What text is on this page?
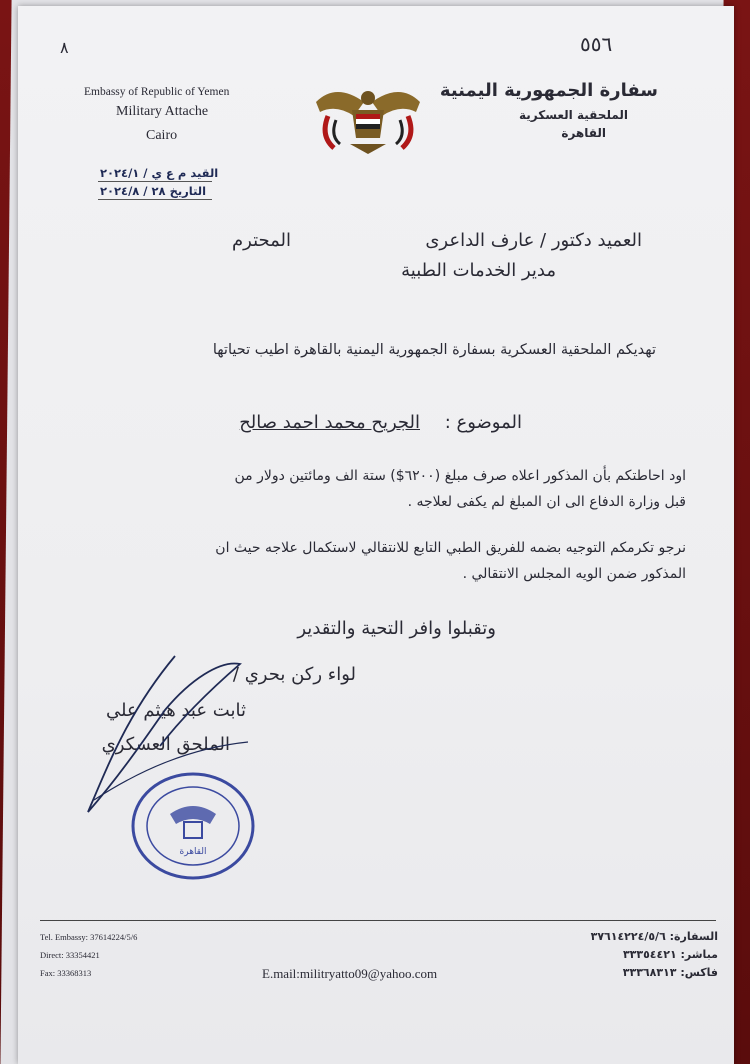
٨	٥٥٦
Embassy of Republic of Yemen
Military Attache
Cairo
سفارة الجمهورية اليمنية
الملحقية العسكرية
القاهرة
القيد م ع ي / ٢٠٢٤/١
التاريخ ٢٨ / ٢٠٢٤/٨
العميد دكتور / عارف الداعرى
المحترم
مدير الخدمات الطبية
تهديكم الملحقية العسكرية بسفارة الجمهورية اليمنية بالقاهرة اطيب تحياتها
الموضوع :
الجريح محمد احمد صالح
اود احاطتكم بأن المذكور اعلاه صرف مبلغ (٦٢٠٠$) ستة الف ومائتين دولار من
قبل وزارة الدفاع الى ان المبلغ لم يكفى لعلاجه .
نرجو تكرمكم التوجيه بضمه للفريق الطبي التابع للانتقالي لاستكمال علاجه حيث ان
المذكور ضمن الويه المجلس الانتقالي .
وتقبلوا وافر التحية والتقدير
لواء ركن بحري /
ثابت عبد هيثم علي
الملحق العسكري
القاهرة
Tel. Embassy: 37614224/5/6
Direct: 33354421
Fax: 33368313	E.mail:militryatto09@yahoo.com
السفارة: ٣٧٦١٤٢٢٤/٥/٦
مباشر: ٣٣٣٥٤٤٢١
فاكس: ٣٣٣٦٨٣١٣
